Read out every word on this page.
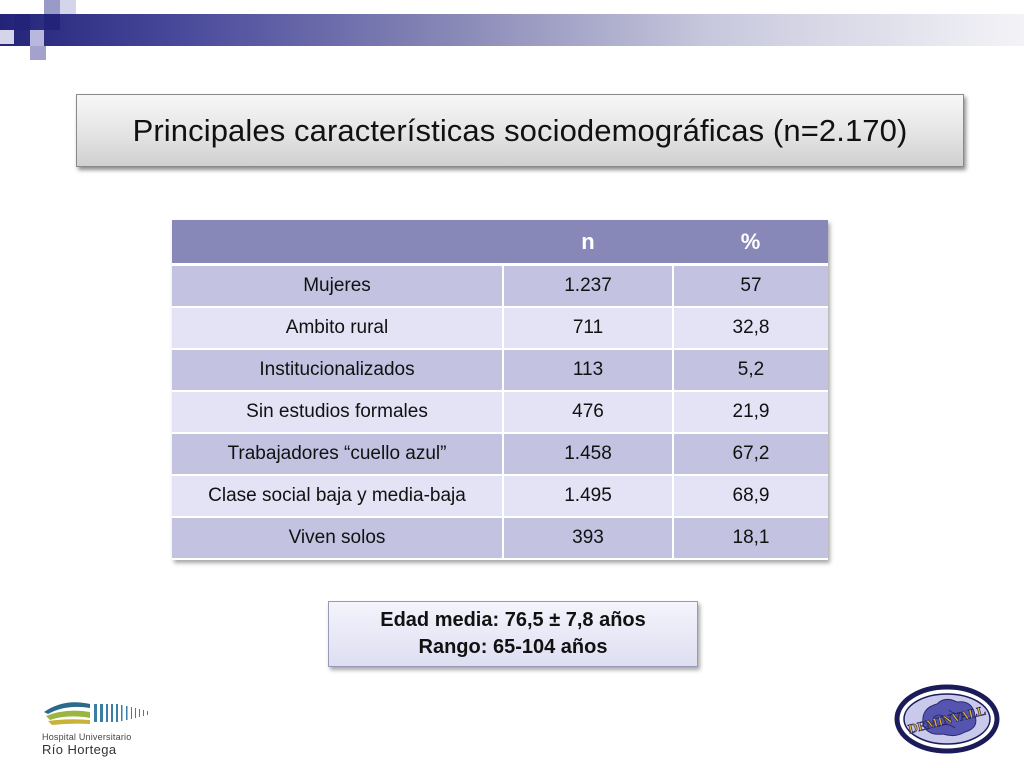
Principales características sociodemográficas (n=2.170)
	n	%
Mujeres	1.237	57
Ambito rural	711	32,8
Institucionalizados	113	5,2
Sin estudios formales	476	21,9
Trabajadores “cuello azul”	1.458	67,2
Clase social baja y media-baja	1.495	68,9
Viven solos	393	18,1
Edad media: 76,5 ± 7,8 años
Rango: 65-104 años
Hospital Universitario
Río Hortega
DEMINVALL
